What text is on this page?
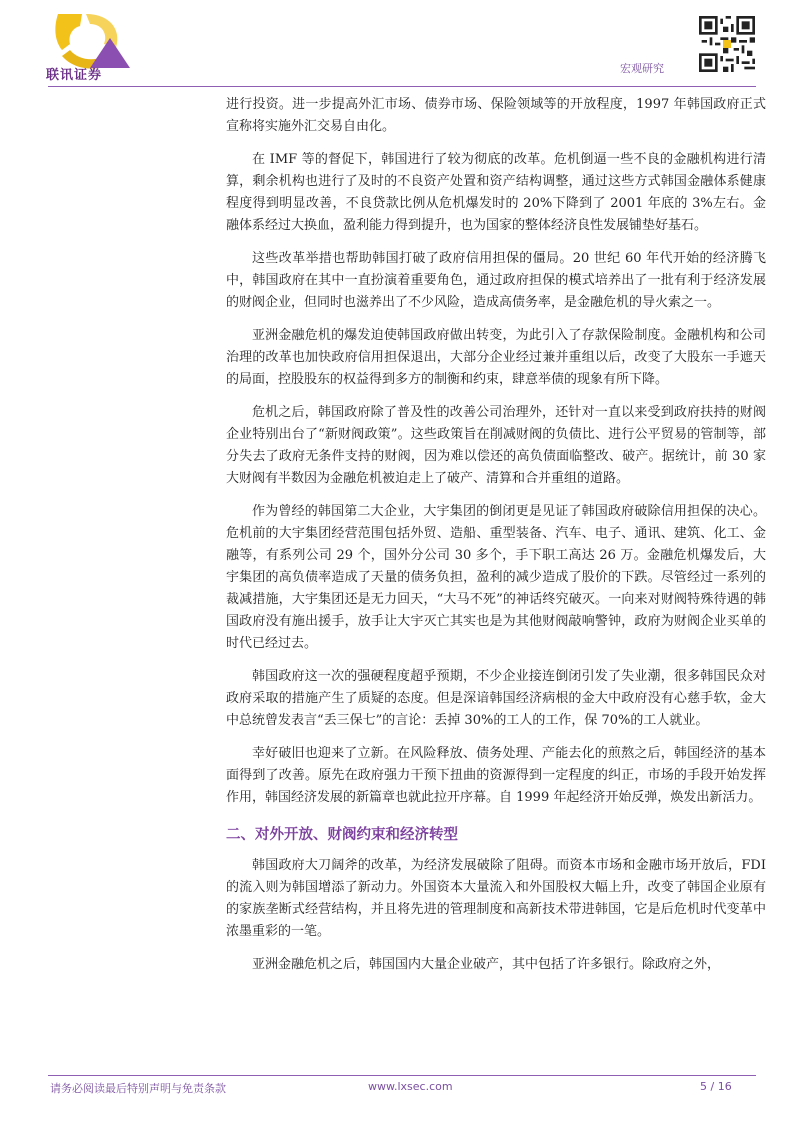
联讯证券	宏观研究

进行投资。进一步提高外汇市场、债券市场、保险领域等的开放程度，1997 年韩国政府正式宣称将实施外汇交易自由化。

在 IMF 等的督促下，韩国进行了较为彻底的改革。危机倒逼一些不良的金融机构进行清算，剩余机构也进行了及时的不良资产处置和资产结构调整，通过这些方式韩国金融体系健康程度得到明显改善，不良贷款比例从危机爆发时的 20%下降到了 2001 年底的 3%左右。金融体系经过大换血，盈利能力得到提升，也为国家的整体经济良性发展铺垫好基石。

这些改革举措也帮助韩国打破了政府信用担保的僵局。20 世纪 60 年代开始的经济腾飞中，韩国政府在其中一直扮演着重要角色，通过政府担保的模式培养出了一批有利于经济发展的财阀企业，但同时也滋养出了不少风险，造成高债务率，是金融危机的导火索之一。

亚洲金融危机的爆发迫使韩国政府做出转变，为此引入了存款保险制度。金融机构和公司治理的改革也加快政府信用担保退出，大部分企业经过兼并重组以后，改变了大股东一手遮天的局面，控股股东的权益得到多方的制衡和约束，肆意举债的现象有所下降。

危机之后，韩国政府除了普及性的改善公司治理外，还针对一直以来受到政府扶持的财阀企业特别出台了“新财阀政策”。这些政策旨在削减财阀的负债比、进行公平贸易的管制等，部分失去了政府无条件支持的财阀，因为难以偿还的高负债面临整改、破产。据统计，前 30 家大财阀有半数因为金融危机被迫走上了破产、清算和合并重组的道路。

作为曾经的韩国第二大企业，大宇集团的倒闭更是见证了韩国政府破除信用担保的决心。危机前的大宇集团经营范围包括外贸、造船、重型装备、汽车、电子、通讯、建筑、化工、金融等，有系列公司 29 个，国外分公司 30 多个，手下职工高达 26 万。金融危机爆发后，大宇集团的高负债率造成了天量的债务负担，盈利的减少造成了股价的下跌。尽管经过一系列的裁减措施，大宇集团还是无力回天，“大马不死”的神话终究破灭。一向来对财阀特殊待遇的韩国政府没有施出援手，放手让大宇灭亡其实也是为其他财阀敲响警钟，政府为财阀企业买单的时代已经过去。

韩国政府这一次的强硬程度超乎预期，不少企业接连倒闭引发了失业潮，很多韩国民众对政府采取的措施产生了质疑的态度。但是深谙韩国经济病根的金大中政府没有心慈手软，金大中总统曾发表言“丢三保七”的言论：丢掉 30%的工人的工作，保 70%的工人就业。

幸好破旧也迎来了立新。在风险释放、债务处理、产能去化的煎熬之后，韩国经济的基本面得到了改善。原先在政府强力干预下扭曲的资源得到一定程度的纠正，市场的手段开始发挥作用，韩国经济发展的新篇章也就此拉开序幕。自 1999 年起经济开始反弹，焕发出新活力。

二、对外开放、财阀约束和经济转型

韩国政府大刀阔斧的改革，为经济发展破除了阻碍。而资本市场和金融市场开放后，FDI 的流入则为韩国增添了新动力。外国资本大量流入和外国股权大幅上升，改变了韩国企业原有的家族垄断式经营结构，并且将先进的管理制度和高新技术带进韩国，它是后危机时代变革中浓墨重彩的一笔。

亚洲金融危机之后，韩国国内大量企业破产，其中包括了许多银行。除政府之外，

请务必阅读最后特别声明与免责条款	www.lxsec.com	5 / 16
